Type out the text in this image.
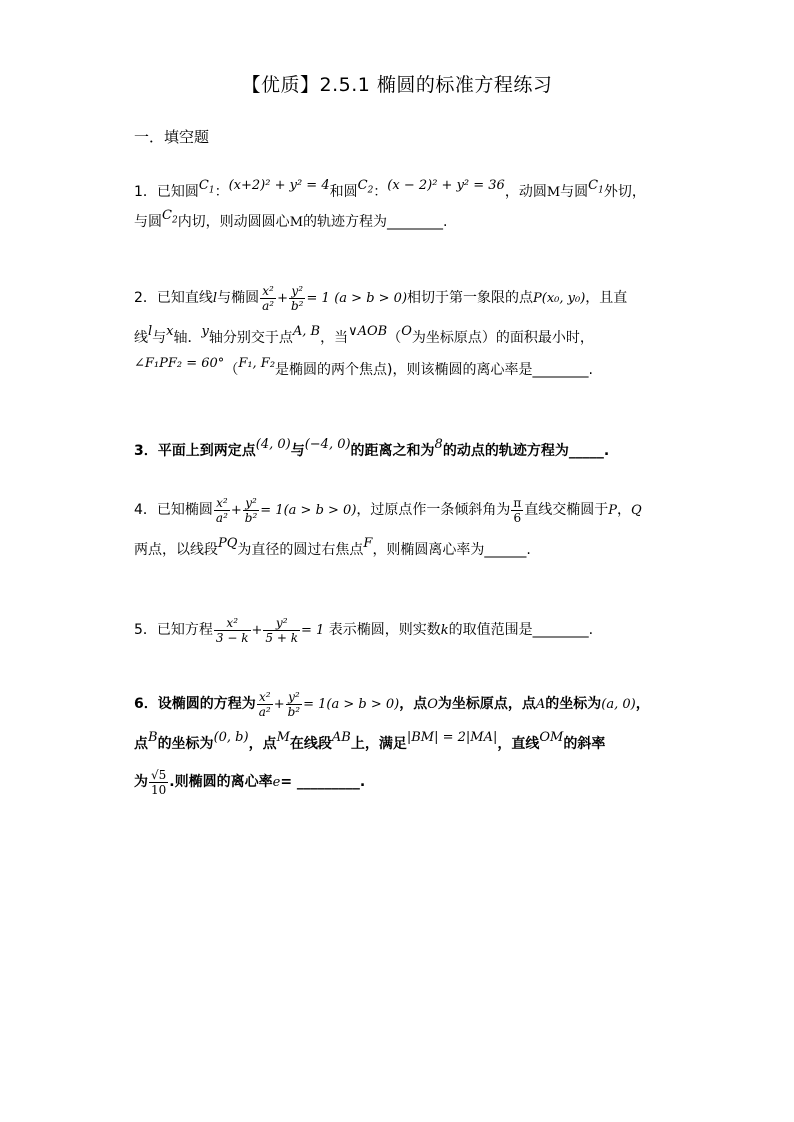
【优质】2.5.1 椭圆的标准方程练习
一．填空题
1．已知圆$C_1$：(x+2)² + y² = 4和圆$C_2$：(x − 2)² + y² = 36，动圆M与圆$C_1$外切，
与圆$C_2$内切，则动圆圆心M的轨迹方程为________.
2．已知直线l与椭圆 $\frac{\text{x²}}{\text{a²}} + \frac{\text{y²}}{\text{b²}} = 1$ (a > b > 0)相切于第一象限的点P(x₀, y₀)，且直
线l与x轴．y轴分别交于点A, B，当∨AOB（O为坐标原点）的面积最小时，
∠F₁PF₂ = 60°（F₁, F₂是椭圆的两个焦点)，则该椭圆的离心率是________.
3．平面上到两定点(4, 0)与(−4, 0)的距离之和为8的动点的轨迹方程为_____.
4．已知椭圆 $\frac{\text{x²}}{\text{a²}} + \frac{\text{y²}}{\text{b²}} = 1(a > b > 0)$，过原点作一条倾斜角为 $\frac{\pi}{6}$ 直线交椭圆于P，Q
两点，以线段PQ为直径的圆过右焦点F，则椭圆离心率为______.
5．已知方程 $\frac{\text{x²}}{3 - k} + \frac{\text{y²}}{5 + k} = 1$ 表示椭圆，则实数k的取值范围是________.
6．设椭圆的方程为 $\frac{\text{x²}}{\text{a²}} + \frac{\text{y²}}{\text{b²}} = 1(a > b > 0)$，点O为坐标原点，点A的坐标为(a, 0)，
点B的坐标为(0, b)，点M在线段AB上，满足|BM| = 2|MA|，直线OM的斜率
为 $\frac{√5}{10}$ .则椭圆的离心率e= _________.
